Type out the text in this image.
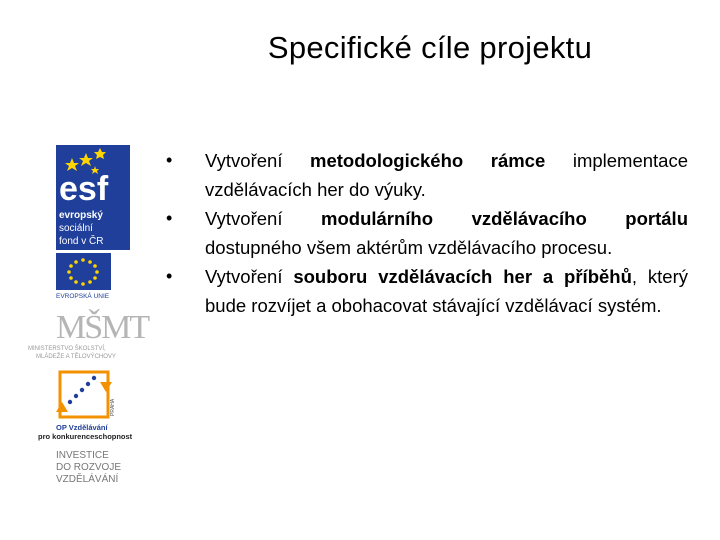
Specifické cíle projektu
esf
evropský
sociální
fond v ČR
EVROPSKÁ UNIE
MŠMT
MINISTERSTVO ŠKOLSTVÍ,
MLÁDEŽE A TĚLOVÝCHOVY
PRAHA
OP Vzdělávání
pro konkurenceschopnost
INVESTICE
DO ROZVOJE
VZDĚLÁVÁNÍ
•	Vytvoření metodologického rámce implementace vzdělávacích her do výuky.
•	Vytvoření modulárního vzdělávacího portálu dostupného všem aktérům vzdělávacího procesu.
•	Vytvoření souboru vzdělávacích her a příběhů, který bude rozvíjet a obohacovat stávající vzdělávací systém.
